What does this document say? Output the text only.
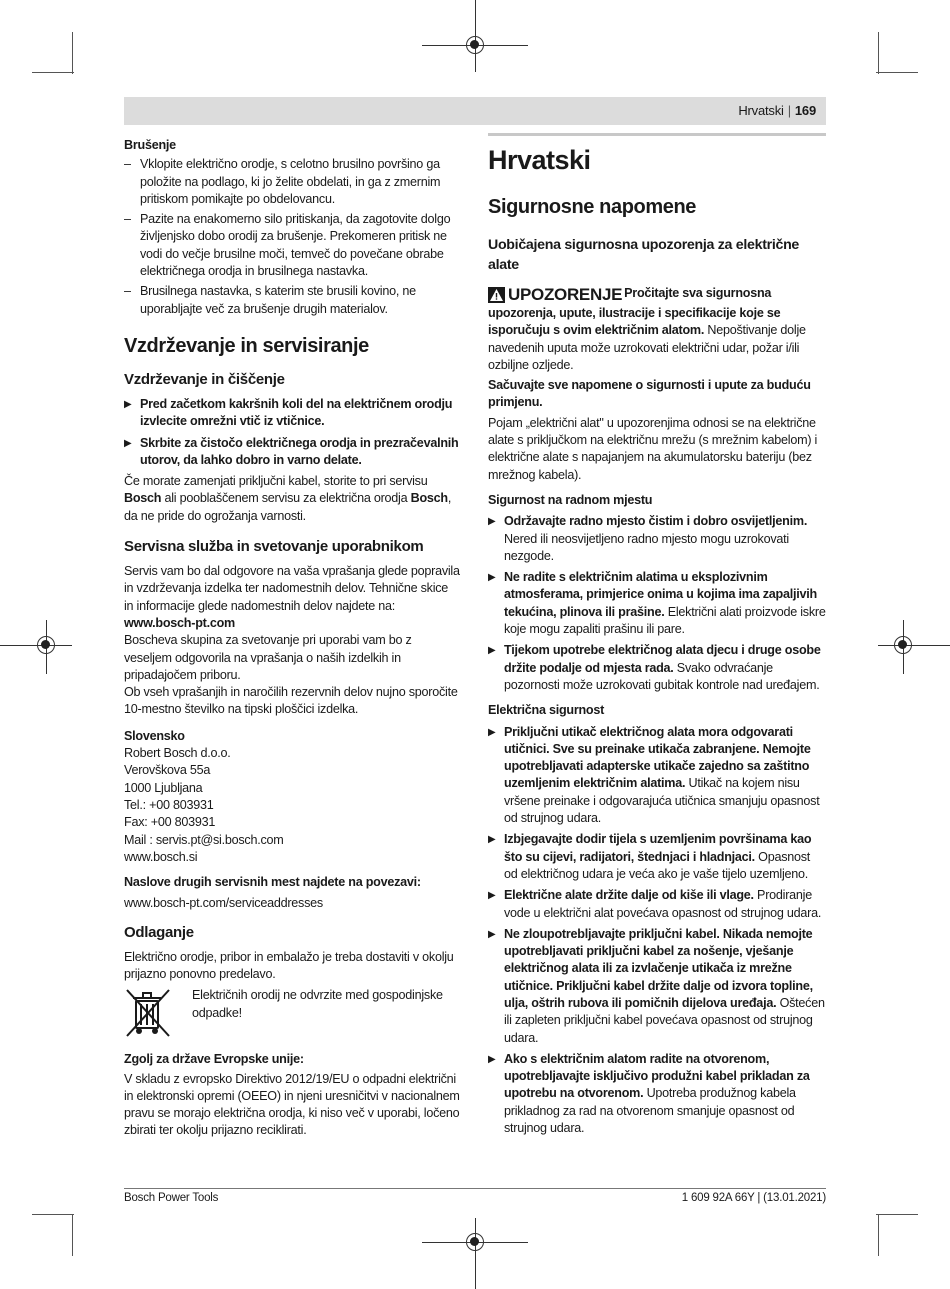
Hrvatski | 169
Brušenje
– Vklopite električno orodje, s celotno brusilno površino ga položite na podlago, ki jo želite obdelati, in ga z zmernim pritiskom pomikajte po obdelovancu.
– Pazite na enakomerno silo pritiskanja, da zagotovite dolgo življenjsko dobo orodij za brušenje. Prekomeren pritisk ne vodi do večje brusilne moči, temveč do povečane obrabe električnega orodja in brusilnega nastavka.
– Brusilnega nastavka, s katerim ste brusili kovino, ne uporabljajte več za brušenje drugih materialov.
Vzdrževanje in servisiranje
Vzdrževanje in čiščenje
▶ Pred začetkom kakršnih koli del na električnem orodju izvlecite omrežni vtič iz vtičnice.
▶ Skrbite za čistočo električnega orodja in prezračevalnih utorov, da lahko dobro in varno delate.

Če morate zamenjati priključni kabel, storite to pri servisu Bosch ali pooblaščenem servisu za električna orodja Bosch, da ne pride do ogrožanja varnosti.

Servisna služba in svetovanje uporabnikom

Servis vam bo dal odgovore na vaša vprašanja glede popravila in vzdrževanja izdelka ter nadomestnih delov. Tehnične skice in informacije glede nadomestnih delov najdete na: www.bosch-pt.com

Boscheva skupina za svetovanje pri uporabi vam bo z veseljem odgovorila na vprašanja o naših izdelkih in pripadajočem priboru.

Ob vseh vprašanjih in naročilih rezervnih delov nujno sporočite 10-mestno številko na tipski ploščici izdelka.

Slovensko
Robert Bosch d.o.o.
Verovškova 55a
1000 Ljubljana
Tel.: +00 803931
Fax: +00 803931
Mail : servis.pt@si.bosch.com
www.bosch.si
Naslove drugih servisnih mest najdete na povezavi:
www.bosch-pt.com/serviceaddresses
Odlaganje

Električno orodje, pribor in embalažo je treba dostaviti v okolju prijazno ponovno predelavo.

Električnih orodij ne odvrzite med gospodinjske odpadke!
Zgolj za države Evropske unije:

V skladu z evropsko Direktivo 2012/19/EU o odpadni električni in elektronski opremi (OEEO) in njeni uresničitvi v nacionalnem pravu se morajo električna orodja, ki niso več v uporabi, ločeno zbirati ter okolju prijazno reciklirati.

Hrvatski
Sigurnosne napomene
Uobičajena sigurnosna upozorenja za električne alate
UPOZORENJE Pročitajte sva sigurnosna upozorenja, upute, ilustracije i specifikacije koje se isporučuju s ovim električnim alatom. Nepoštivanje dolje navedenih uputa može uzrokovati električni udar, požar i/ili ozbiljne ozljede.

Sačuvajte sve napomene o sigurnosti i upute za buduću primjenu.

Pojam „električni alat" u upozorenjima odnosi se na električne alate s priključkom na električnu mrežu (s mrežnim kabelom) i električne alate s napajanjem na akumulatorsku bateriju (bez mrežnog kabela).

Sigurnost na radnom mjestu
▶ Održavajte radno mjesto čistim i dobro osvijetljenim. Nered ili neosvijetljeno radno mjesto mogu uzrokovati nezgode.
▶ Ne radite s električnim alatima u eksplozivnim atmosferama, primjerice onima u kojima ima zapaljivih tekućina, plinova ili prašine. Električni alati proizvode iskre koje mogu zapaliti prašinu ili pare.
▶ Tijekom upotrebe električnog alata djecu i druge osobe držite podalje od mjesta rada. Svako odvraćanje pozornosti može uzrokovati gubitak kontrole nad uređajem.
Električna sigurnost
▶ Priključni utikač električnog alata mora odgovarati utičnici. Sve su preinake utikača zabranjene. Nemojte upotrebljavati adapterske utikače zajedno sa zaštitno uzemljenim električnim alatima. Utikač na kojem nisu vršene preinake i odgovarajuća utičnica smanjuju opasnost od strujnog udara.
▶ Izbjegavajte dodir tijela s uzemljenim površinama kao što su cijevi, radijatori, štednjaci i hladnjaci. Opasnost od električnog udara je veća ako je vaše tijelo uzemljeno.
▶ Električne alate držite dalje od kiše ili vlage. Prodiranje vode u električni alat povećava opasnost od strujnog udara.
▶ Ne zloupotrebljavajte priključni kabel. Nikada nemojte upotrebljavati priključni kabel za nošenje, vješanje električnog alata ili za izvlačenje utikača iz mrežne utičnice. Priključni kabel držite dalje od izvora topline, ulja, oštrih rubova ili pomičnih dijelova uređaja. Oštećen ili zapleten priključni kabel povećava opasnost od strujnog udara.
▶ Ako s električnim alatom radite na otvorenom, upotrebljavajte isključivo produžni kabel prikladan za upotrebu na otvorenom. Upotreba produžnog kabela prikladnog za rad na otvorenom smanjuje opasnost od strujnog udara.
Bosch Power Tools	1 609 92A 66Y | (13.01.2021)
